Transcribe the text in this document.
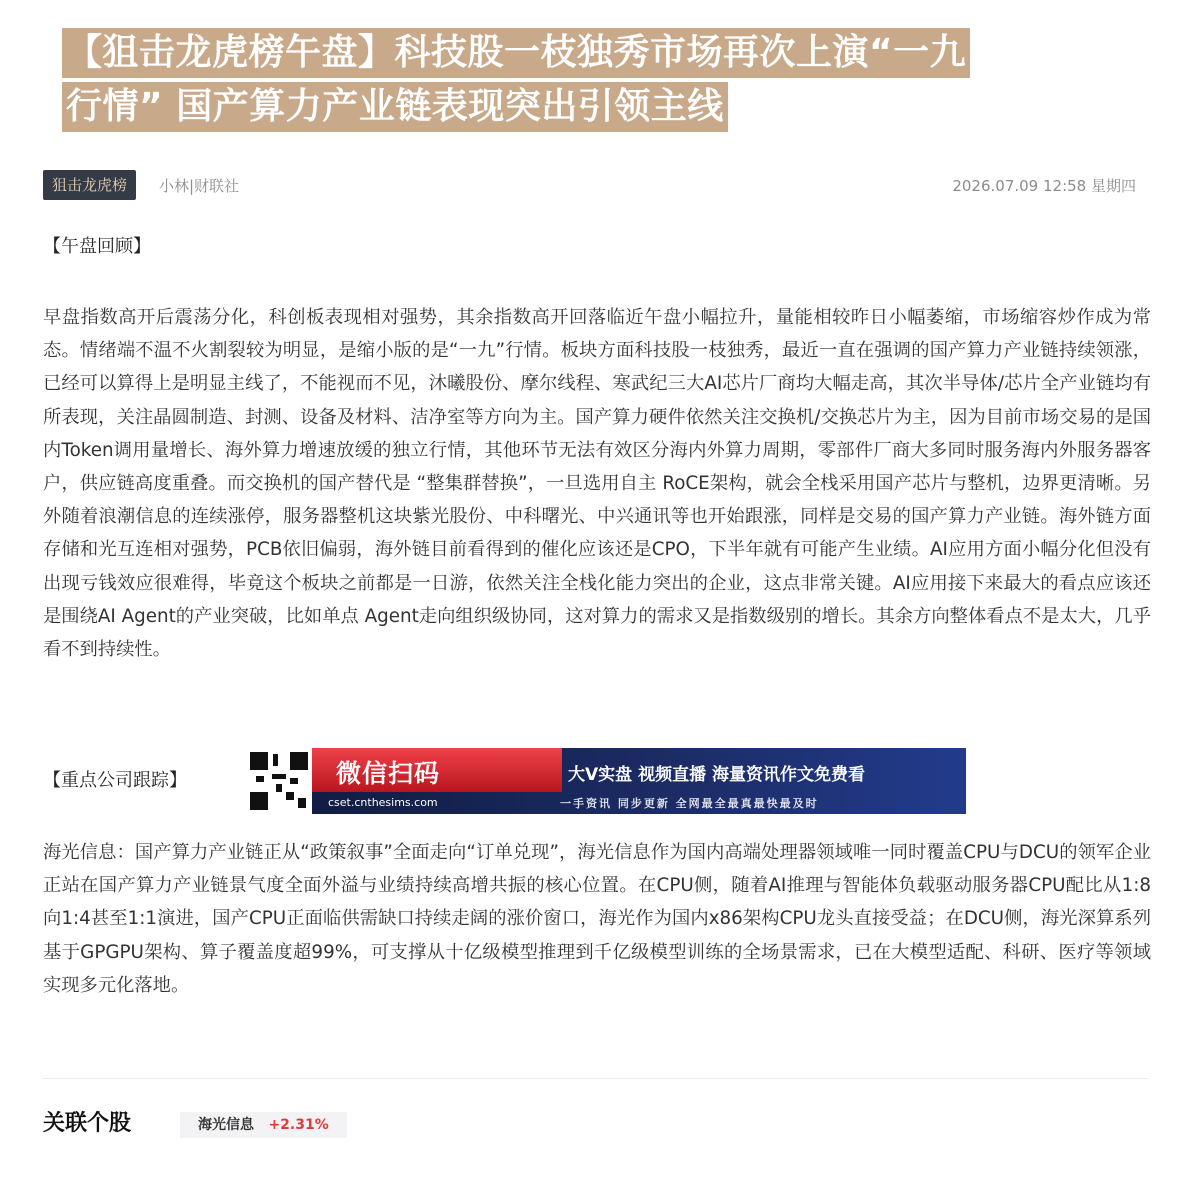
【狙击龙虎榜午盘】科技股一枝独秀市场再次上演“一九
行情” 国产算力产业链表现突出引领主线
狙击龙虎榜	小林|财联社	2026.07.09 12:58 星期四
【午盘回顾】

早盘指数高开后震荡分化，科创板表现相对强势，其余指数高开回落临近午盘小幅拉升，量能相较昨日小幅萎缩，市场缩容炒作成为常态。情绪端不温不火割裂较为明显，是缩小版的是“一九”行情。板块方面科技股一枝独秀，最近一直在强调的国产算力产业链持续领涨，已经可以算得上是明显主线了，不能视而不见，沐曦股份、摩尔线程、寒武纪三大AI芯片厂商均大幅走高，其次半导体/芯片全产业链均有所表现，关注晶圆制造、封测、设备及材料、洁净室等方向为主。国产算力硬件依然关注交换机/交换芯片为主，因为目前市场交易的是国内Token调用量增长、海外算力增速放缓的独立行情，其他环节无法有效区分海内外算力周期，零部件厂商大多同时服务海内外服务器客户，供应链高度重叠。而交换机的国产替代是 “整集群替换”，一旦选用自主 RoCE架构，就会全栈采用国产芯片与整机，边界更清晰。另外随着浪潮信息的连续涨停，服务器整机这块紫光股份、中科曙光、中兴通讯等也开始跟涨，同样是交易的国产算力产业链。海外链方面存储和光互连相对强势，PCB依旧偏弱，海外链目前看得到的催化应该还是CPO，下半年就有可能产生业绩。AI应用方面小幅分化但没有出现亏钱效应很难得，毕竟这个板块之前都是一日游，依然关注全栈化能力突出的企业，这点非常关键。AI应用接下来最大的看点应该还是围绕AI Agent的产业突破，比如单点 Agent走向组织级协同，这对算力的需求又是指数级别的增长。其余方向整体看点不是太大，几乎看不到持续性。

【重点公司跟踪】	微信扫码
cset.cnthesims.com
大V实盘 视频直播 海量资讯作文免费看
一手资讯 同步更新 全网最全最真最快最及时

海光信息：国产算力产业链正从“政策叙事”全面走向“订单兑现”，海光信息作为国内高端处理器领域唯一同时覆盖CPU与DCU的领军企业正站在国产算力产业链景气度全面外溢与业绩持续高增共振的核心位置。在CPU侧，随着AI推理与智能体负载驱动服务器CPU配比从1:8向1:4甚至1:1演进，国产CPU正面临供需缺口持续走阔的涨价窗口，海光作为国内x86架构CPU龙头直接受益；在DCU侧，海光深算系列基于GPGPU架构、算子覆盖度超99%，可支撑从十亿级模型推理到千亿级模型训练的全场景需求，已在大模型适配、科研、医疗等领域实现多元化落地。

关联个股	海光信息 +2.31%
